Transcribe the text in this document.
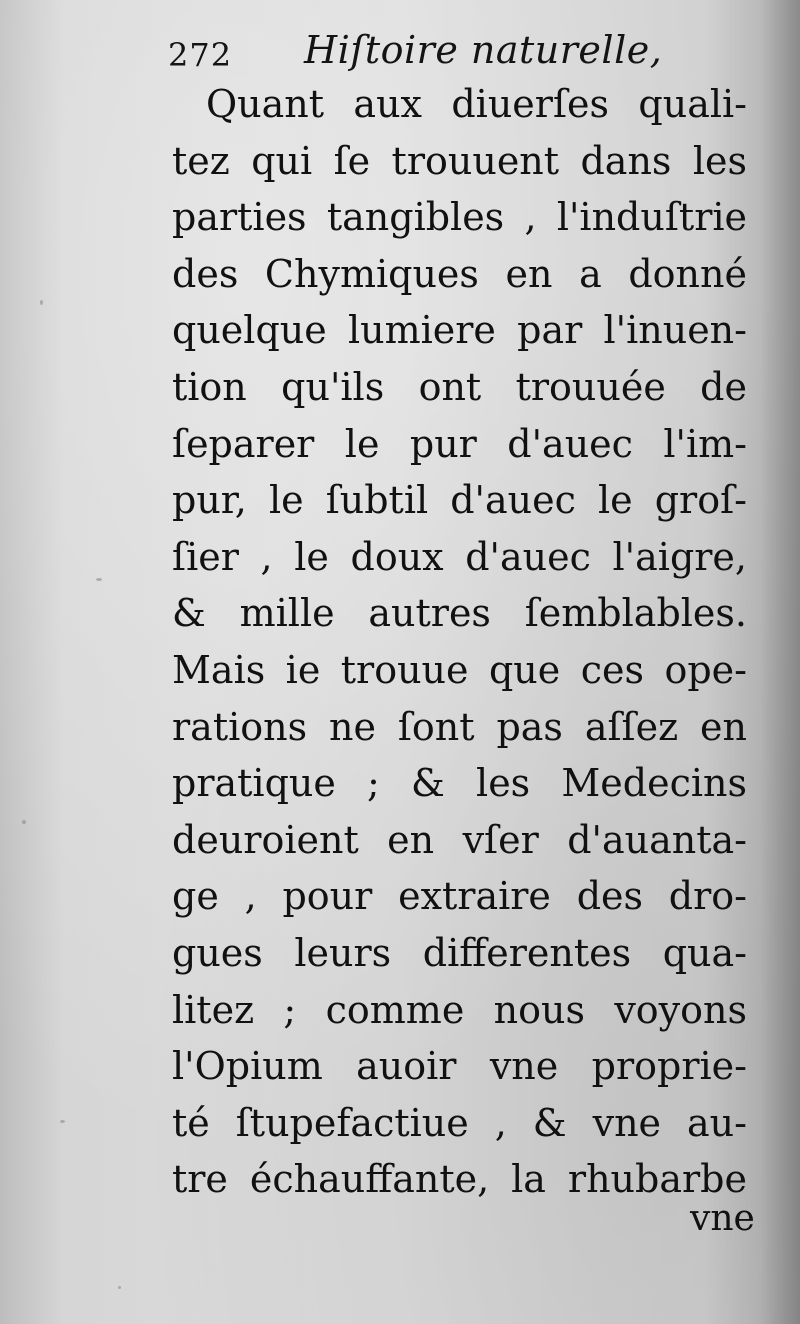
272 Hiſtoire naturelle,
Quant aux diuerſes quali-
tez qui ſe trouuent dans les
parties tangibles , l'induſtrie
des Chymiques en a donné
quelque lumiere par l'inuen-
tion qu'ils ont trouuée de
ſeparer le pur d'auec l'im-
pur, le ſubtil d'auec le groſ-
ſier , le doux d'auec l'aigre,
& mille autres ſemblables.
Mais ie trouue que ces ope-
rations ne ſont pas aſſez en
pratique ; & les Medecins
deuroient en vſer d'auanta-
ge , pour extraire des dro-
gues leurs differentes qua-
litez ; comme nous voyons
l'Opium auoir vne proprie-
té ſtupefactiue , & vne au-
tre échauffante, la rhubarbe
vne
